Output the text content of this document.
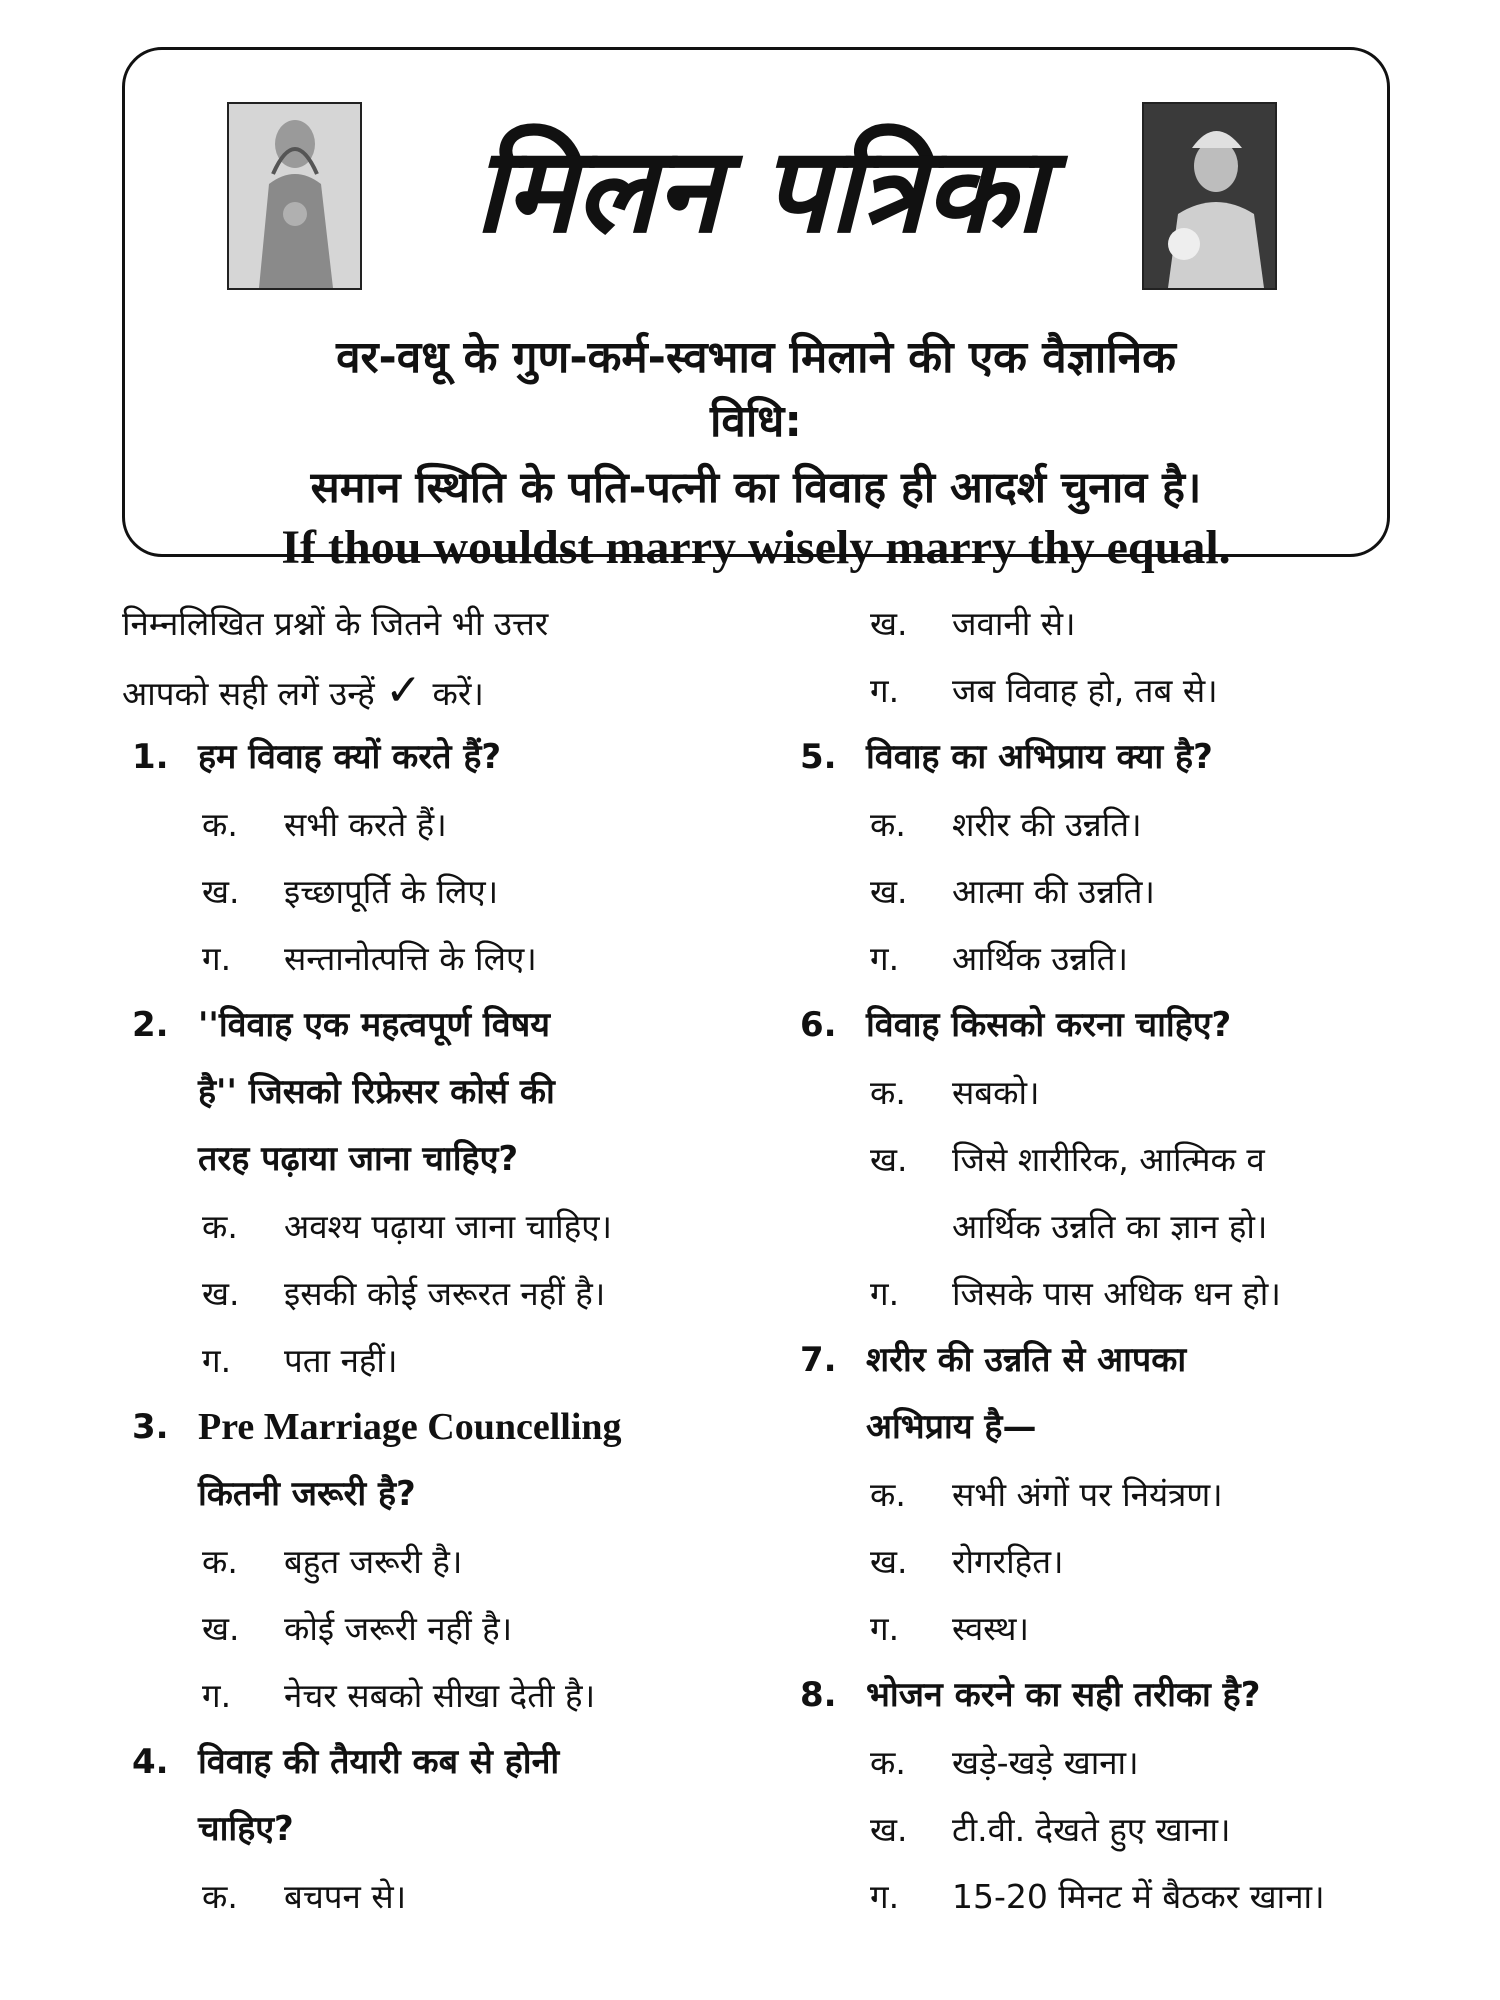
मिलन पत्रिका
वर-वधू के गुण-कर्म-स्वभाव मिलाने की एक वैज्ञानिक
विधि:
समान स्थिति के पति-पत्नी का विवाह ही आदर्श चुनाव है।
If thou wouldst marry wisely marry thy equal.
निम्नलिखित प्रश्नों के जितने भी उत्तर
आपको सही लगें उन्हें ✓ करें।
1. हम विवाह क्यों करते हैं?
क.	सभी करते हैं।
ख.	इच्छापूर्ति के लिए।
ग.	सन्तानोत्पत्ति के लिए।
2. ''विवाह एक महत्वपूर्ण विषय
है'' जिसको रिफ्रेसर कोर्स की
तरह पढ़ाया जाना चाहिए?
क.	अवश्य पढ़ाया जाना चाहिए।
ख.	इसकी कोई जरूरत नहीं है।
ग.	पता नहीं।
3. Pre Marriage Councelling
कितनी जरूरी है?
क.	बहुत जरूरी है।
ख.	कोई जरूरी नहीं है।
ग.	नेचर सबको सीखा देती है।
4. विवाह की तैयारी कब से होनी
चाहिए?
क.	बचपन से।
ख.	जवानी से।
ग.	जब विवाह हो, तब से।
5. विवाह का अभिप्राय क्या है?
क.	शरीर की उन्नति।
ख.	आत्मा की उन्नति।
ग.	आर्थिक उन्नति।
6. विवाह किसको करना चाहिए?
क.	सबको।
ख.	जिसे शारीरिक, आत्मिक व
आर्थिक उन्नति का ज्ञान हो।
ग.	जिसके पास अधिक धन हो।
7. शरीर की उन्नति से आपका
अभिप्राय है—
क.	सभी अंगों पर नियंत्रण।
ख.	रोगरहित।
ग.	स्वस्थ।
8. भोजन करने का सही तरीका है?
क.	खड़े-खड़े खाना।
ख.	टी.वी. देखते हुए खाना।
ग.	15-20 मिनट में बैठकर खाना।
